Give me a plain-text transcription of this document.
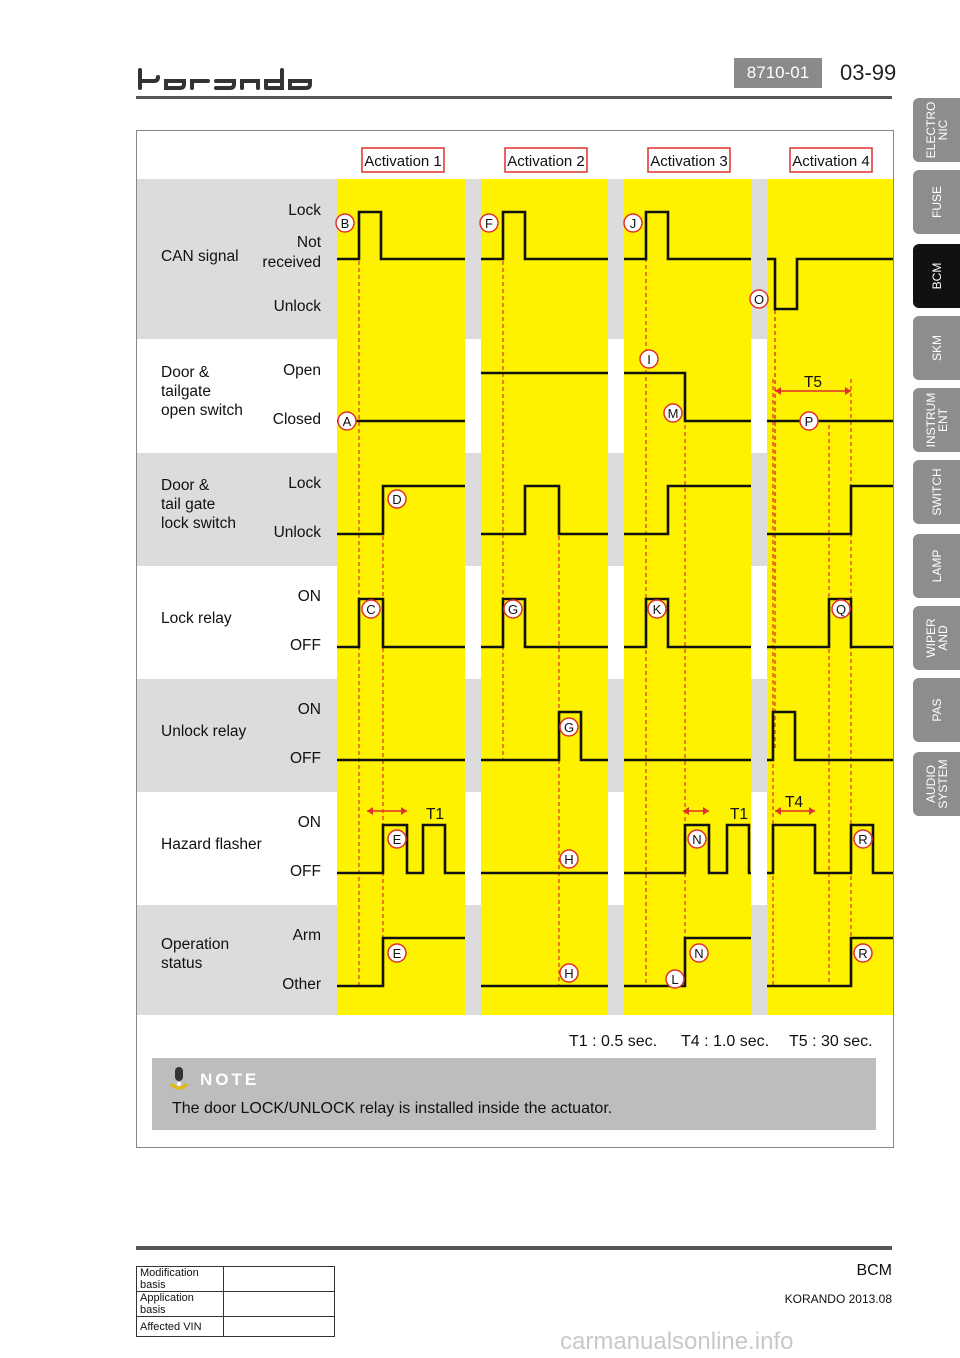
8710-01	03-99
ELECTRO
NIC
FUSE
BCM
SKM
INSTRUM
ENT
SWITCH
LAMP
WIPER
AND
PAS
AUDIO
SYSTEM
Activation 1	Activation 2	Activation 3	Activation 4
CAN signal
Lock
Not
received
Unlock
Door &
tailgate
open switch
Open
Closed
Door &
tail gate
lock switch
Lock
Unlock
Lock relay
ON
OFF
Unlock relay
ON
OFF
Hazard flasher
ON
OFF
Operation
status
Arm
Other
T1	T1
T4
T5
A
B
C
D
E
E
F
G
G
H
H
I
J
K
L
M
N
N
O
P
Q
R
R
T1 : 0.5 sec. T4 : 1.0 sec. T5 : 30 sec.
NOTE
The door LOCK/UNLOCK relay is installed inside the actuator.
Modification basis	
Application basis	
Affected VIN	
BCM
KORANDO 2013.08
carmanualsonline.info
